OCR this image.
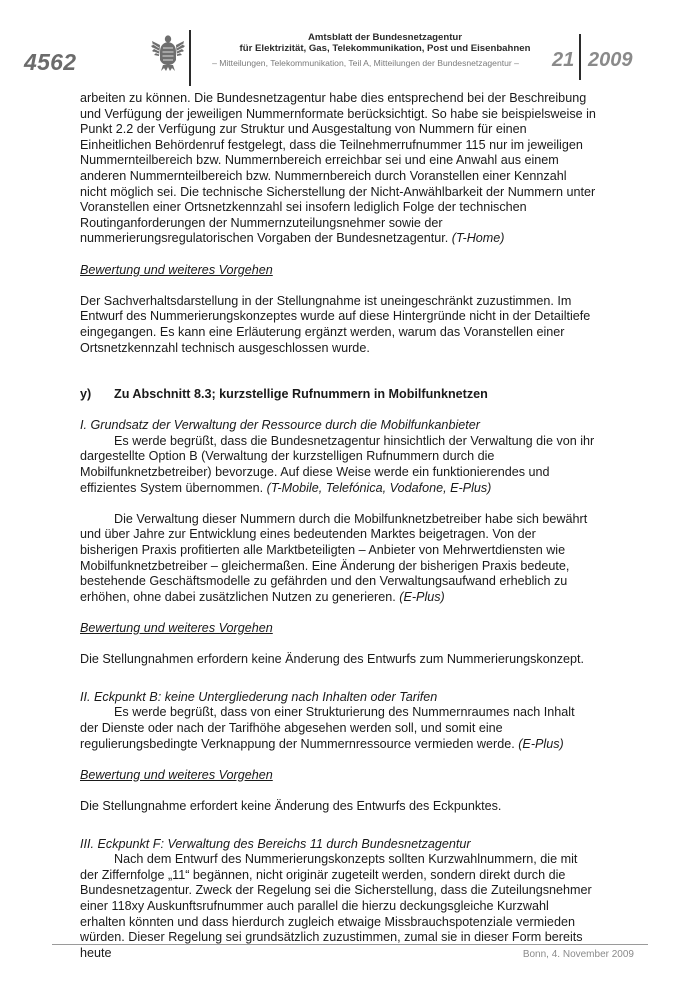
4562
Amtsblatt der Bundesnetzagentur
für Elektrizität, Gas, Telekommunikation, Post und Eisenbahnen
– Mitteilungen, Telekommunikation, Teil A, Mitteilungen der Bundesnetzagentur –	21 2009

arbeiten zu können. Die Bundesnetzagentur habe dies entsprechend bei der Beschreibung und Verfügung der jeweiligen Nummernformate berücksichtigt. So habe sie beispielsweise in Punkt 2.2 der Verfügung zur Struktur und Ausgestaltung von Nummern für einen Einheitlichen Behördenruf festgelegt, dass die Teilnehmerrufnummer 115 nur im jeweiligen Nummernteilbereich bzw. Nummernbereich erreichbar sei und eine Anwahl aus einem anderen Nummernteilbereich bzw. Nummernbereich durch Voranstellen einer Kennzahl nicht möglich sei. Die technische Sicherstellung der Nicht-Anwählbarkeit der Nummern unter Voranstellen einer Ortsnetzkennzahl sei insofern lediglich Folge der technischen Routinganforderungen der Nummernzuteilungsnehmer sowie der nummerierungsregulatorischen Vorgaben der Bundesnetzagentur. (T-Home)

Bewertung und weiteres Vorgehen

Der Sachverhaltsdarstellung in der Stellungnahme ist uneingeschränkt zuzustimmen. Im Entwurf des Nummerierungskonzeptes wurde auf diese Hintergründe nicht in der Detailtiefe eingegangen. Es kann eine Erläuterung ergänzt werden, warum das Voranstellen einer Ortsnetzkennzahl technisch ausgeschlossen wurde.

y)	Zu Abschnitt 8.3; kurzstellige Rufnummern in Mobilfunknetzen

I. Grundsatz der Verwaltung der Ressource durch die Mobilfunkanbieter

Es werde begrüßt, dass die Bundesnetzagentur hinsichtlich der Verwaltung die von ihr dargestellte Option B (Verwaltung der kurzstelligen Rufnummern durch die Mobilfunknetzbetreiber) bevorzuge. Auf diese Weise werde ein funktionierendes und effizientes System übernommen. (T-Mobile, Telefónica, Vodafone, E-Plus)

Die Verwaltung dieser Nummern durch die Mobilfunknetzbetreiber habe sich bewährt und über Jahre zur Entwicklung eines bedeutenden Marktes beigetragen. Von der bisherigen Praxis profitierten alle Marktbeteiligten – Anbieter von Mehrwertdiensten wie Mobilfunknetzbetreiber – gleichermaßen. Eine Änderung der bisherigen Praxis bedeute, bestehende Geschäftsmodelle zu gefährden und den Verwaltungsaufwand erheblich zu erhöhen, ohne dabei zusätzlichen Nutzen zu generieren. (E-Plus)

Bewertung und weiteres Vorgehen

Die Stellungnahmen erfordern keine Änderung des Entwurfs zum Nummerierungskonzept.

II. Eckpunkt B: keine Untergliederung nach Inhalten oder Tarifen

Es werde begrüßt, dass von einer Strukturierung des Nummernraumes nach Inhalt der Dienste oder nach der Tarifhöhe abgesehen werden soll, und somit eine regulierungsbedingte Verknappung der Nummernressource vermieden werde. (E-Plus)

Bewertung und weiteres Vorgehen

Die Stellungnahme erfordert keine Änderung des Entwurfs des Eckpunktes.

III. Eckpunkt F: Verwaltung des Bereichs 11 durch Bundesnetzagentur

Nach dem Entwurf des Nummerierungskonzepts sollten Kurzwahlnummern, die mit der Ziffernfolge „11“ begännen, nicht originär zugeteilt werden, sondern direkt durch die Bundesnetzagentur. Zweck der Regelung sei die Sicherstellung, dass die Zuteilungsnehmer einer 118xy Auskunftsrufnummer auch parallel die hierzu deckungsgleiche Kurzwahl erhalten könnten und dass hierdurch zugleich etwaige Missbrauchspotenziale vermieden würden. Dieser Regelung sei grundsätzlich zuzustimmen, zumal sie in dieser Form bereits heute	Bonn, 4. November 2009
